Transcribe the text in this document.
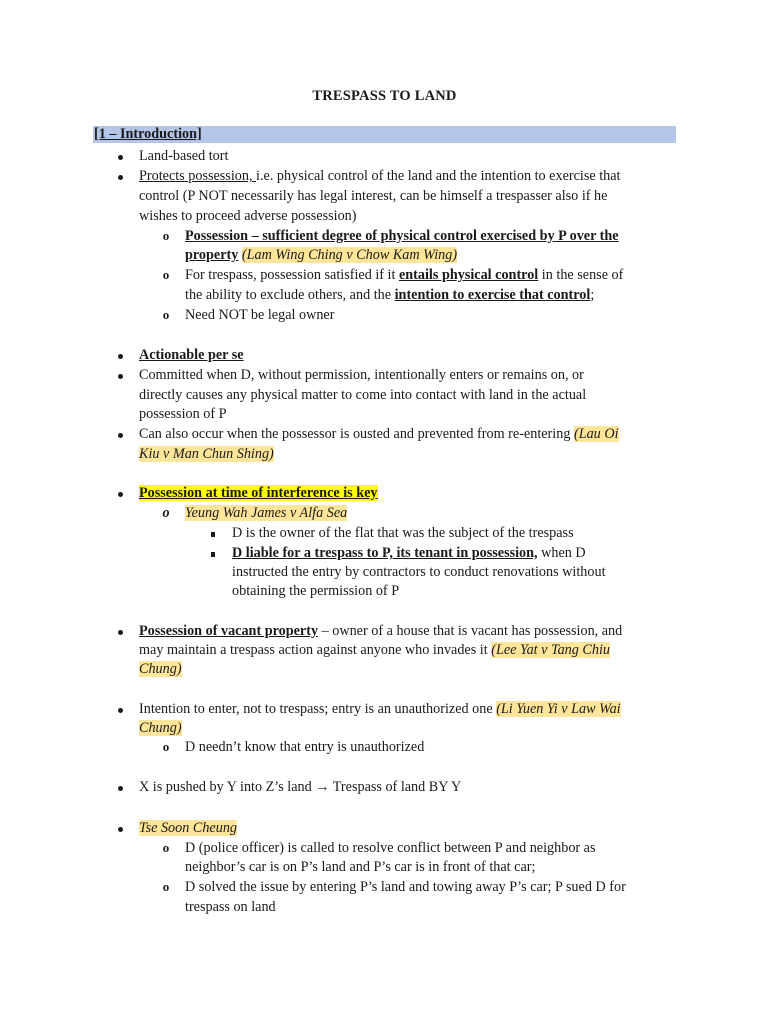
TRESPASS TO LAND
[1 – Introduction]
Land-based tort
Protects possession, i.e. physical control of the land and the intention to exercise that
control (P NOT necessarily has legal interest, can be himself a trespasser also if he
wishes to proceed adverse possession)
o Possession – sufficient degree of physical control exercised by P over the
property (Lam Wing Ching v Chow Kam Wing)
o For trespass, possession satisfied if it entails physical control in the sense of
the ability to exclude others, and the intention to exercise that control;
o Need NOT be legal owner
Actionable per se
Committed when D, without permission, intentionally enters or remains on, or
directly causes any physical matter to come into contact with land in the actual
possession of P
Can also occur when the possessor is ousted and prevented from re-entering (Lau Oi
Kiu v Man Chun Shing)
Possession at time of interference is key
o Yeung Wah James v Alfa Sea
D is the owner of the flat that was the subject of the trespass
D liable for a trespass to P, its tenant in possession, when D
instructed the entry by contractors to conduct renovations without
obtaining the permission of P
Possession of vacant property – owner of a house that is vacant has possession, and
may maintain a trespass action against anyone who invades it (Lee Yat v Tang Chiu
Chung)
Intention to enter, not to trespass; entry is an unauthorized one (Li Yuen Yi v Law Wai
Chung)
o D needn’t know that entry is unauthorized
X is pushed by Y into Z’s land → Trespass of land BY Y
Tse Soon Cheung
o D (police officer) is called to resolve conflict between P and neighbor as
neighbor’s car is on P’s land and P’s car is in front of that car;
o D solved the issue by entering P’s land and towing away P’s car; P sued D for
trespass on land
